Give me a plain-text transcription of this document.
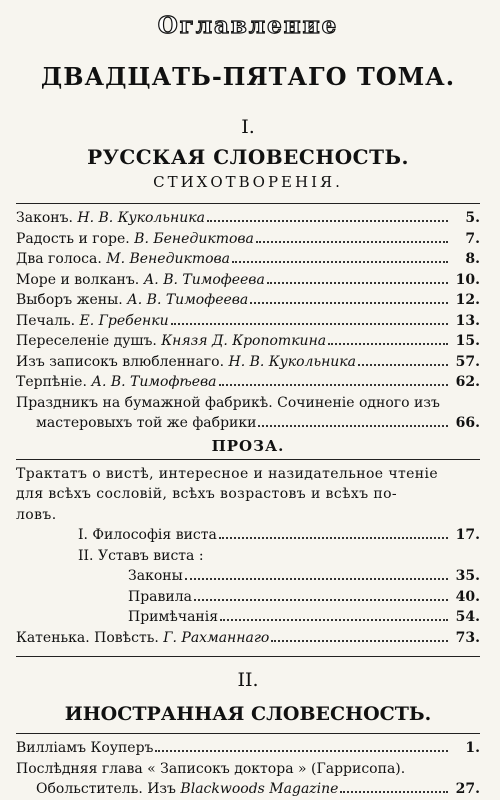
Оглавление
ДВАДЦАТЬ-ПЯТАГО ТОМА.
I.
РУССКАЯ СЛОВЕСНОСТЬ.
СТИХОТВОРЕНІЯ.
Законъ. Н. В. Кукольника	5.
Радость и горе. В. Бенедиктова	7.
Два голоса. М. Венедиктова	8.
Море и волканъ. А. В. Тимофеева	10.
Выборъ жены. А. В. Тимофеева	12.
Печаль. Е. Гребенки	13.
Переселеніе душъ. Князя Д. Кропоткина	15.
Изъ записокъ влюбленнаго. Н. В. Кукольника	57.
Терпѣніе. А. В. Тимофѣева	62.
Праздникъ на бумажной фабрикѣ. Сочиненіе одного изъ
мастеровыхъ той же фабрики	66.
ПРОЗА.
Трактатъ о вистѣ, интересное и назидательное чтеніе
для всѣхъ сословій, всѣхъ возрастовъ и всѣхъ по-
ловъ.
I. Философія виста	17.
II. Уставъ виста :
Законы	35.
Правила	40.
Примѣчанія	54.
Катенька. Повѣсть. Г. Рахманнаго	73.
II.
ИНОСТРАННАЯ СЛОВЕСНОСТЬ.
Вилліамъ Коуперъ	1.
Послѣдняя глава « Записокъ доктора » (Гаррисопа).
Обольститель. Изъ Blackwoods Magazine	27.
